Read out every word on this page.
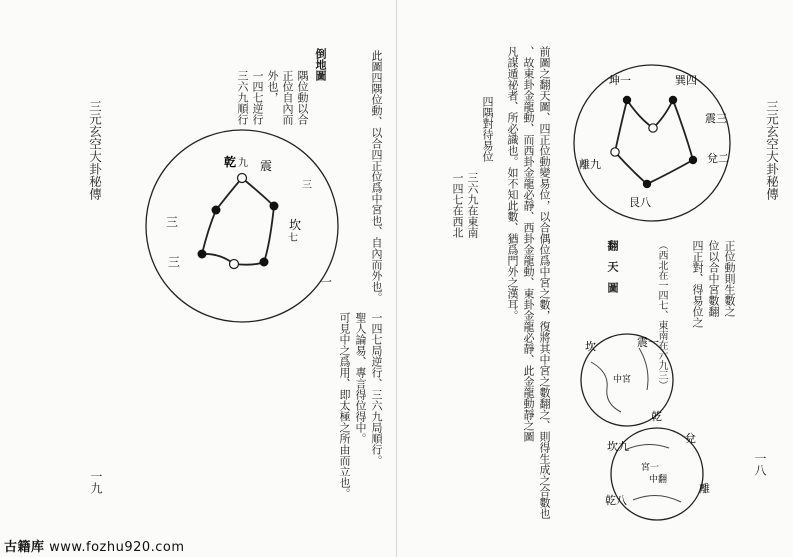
三元玄空大卦秘傳
一九
乾 九 震
坎
七
三
三
三
一
倒地圖
隅位動以合
正位自內而
外也，
一四七逆行
三六九順行	此圖四隅位動、以合四正位爲中宮也、自內而外也。
一四七局逆行、三六九局順行。
聖人論易、專言得位得中。
可見中之爲用、即太極之所由而立也。
三元玄空大卦秘傳
一八
前圖之翻天圖、四正位動變易位，以合偶位爲中宮之數，復將其中宮之數翻之、則得生成之合數也
、故東卦金龍動、而西卦金龍必靜、西卦金龍動、東卦金龍必靜、此金龍動靜之圖
凡謀遁祕者、所必識也。如不知此數、猶爲門外之漢耳。
四隅對待易位
三六九在東南
一四七在西北
坤一	巽四
震三
兌二
艮八
離九
翻天圖	正位動則生數之
位以合中宮數翻
四正對、得易位之
（西北在一四七、東南在六九三）
坎	震一
乾
中宮
坎九
兌
乾八
離
宮一
中翻
古籍库 www.fozhu920.com
